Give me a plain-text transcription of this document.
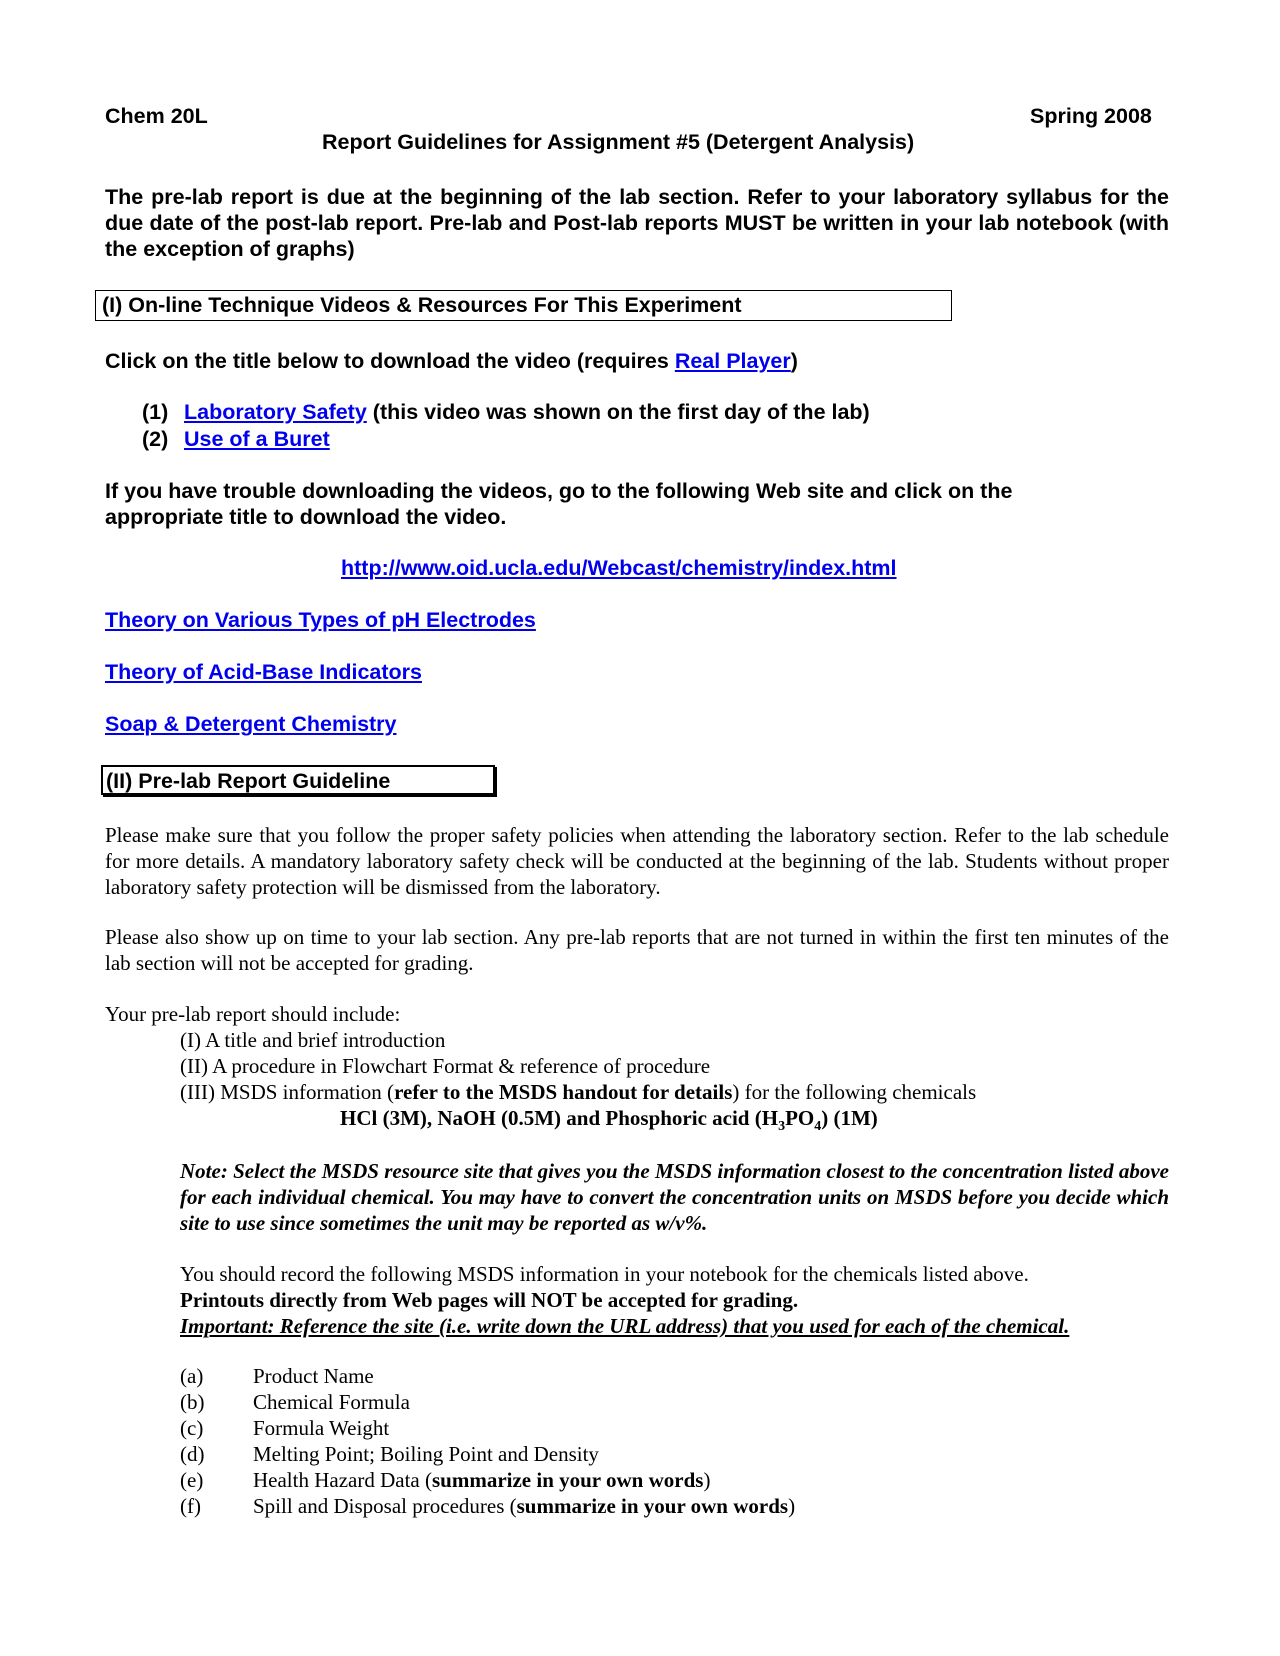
Chem 20L	Spring 2008
Report Guidelines for Assignment #5 (Detergent Analysis)
The pre-lab report is due at the beginning of the lab section. Refer to your laboratory syllabus for the due date of the post-lab report. Pre-lab and Post-lab reports MUST be written in your lab notebook (with the exception of graphs)
(I) On-line Technique Videos & Resources For This Experiment
Click on the title below to download the video (requires Real Player)
(1) Laboratory Safety (this video was shown on the first day of the lab)
(2) Use of a Buret
If you have trouble downloading the videos, go to the following Web site and click on the appropriate title to download the video.
http://www.oid.ucla.edu/Webcast/chemistry/index.html
Theory on Various Types of pH Electrodes
Theory of Acid-Base Indicators
Soap & Detergent Chemistry
(II) Pre-lab Report Guideline
Please make sure that you follow the proper safety policies when attending the laboratory section. Refer to the lab schedule for more details. A mandatory laboratory safety check will be conducted at the beginning of the lab. Students without proper laboratory safety protection will be dismissed from the laboratory.
Please also show up on time to your lab section. Any pre-lab reports that are not turned in within the first ten minutes of the lab section will not be accepted for grading.
Your pre-lab report should include:
(I) A title and brief introduction
(II) A procedure in Flowchart Format & reference of procedure
(III) MSDS information (refer to the MSDS handout for details) for the following chemicals
HCl (3M), NaOH (0.5M) and Phosphoric acid $(H_3PO_4)$ (1M)
Note: Select the MSDS resource site that gives you the MSDS information closest to the concentration listed above for each individual chemical. You may have to convert the concentration units on MSDS before you decide which site to use since sometimes the unit may be reported as w/v%.
You should record the following MSDS information in your notebook for the chemicals listed above.
Printouts directly from Web pages will NOT be accepted for grading.
Important: Reference the site (i.e. write down the URL address) that you used for each of the chemical.
(a) Product Name
(b) Chemical Formula
(c) Formula Weight
(d) Melting Point; Boiling Point and Density
(e) Health Hazard Data (summarize in your own words)
(f) Spill and Disposal procedures (summarize in your own words)
